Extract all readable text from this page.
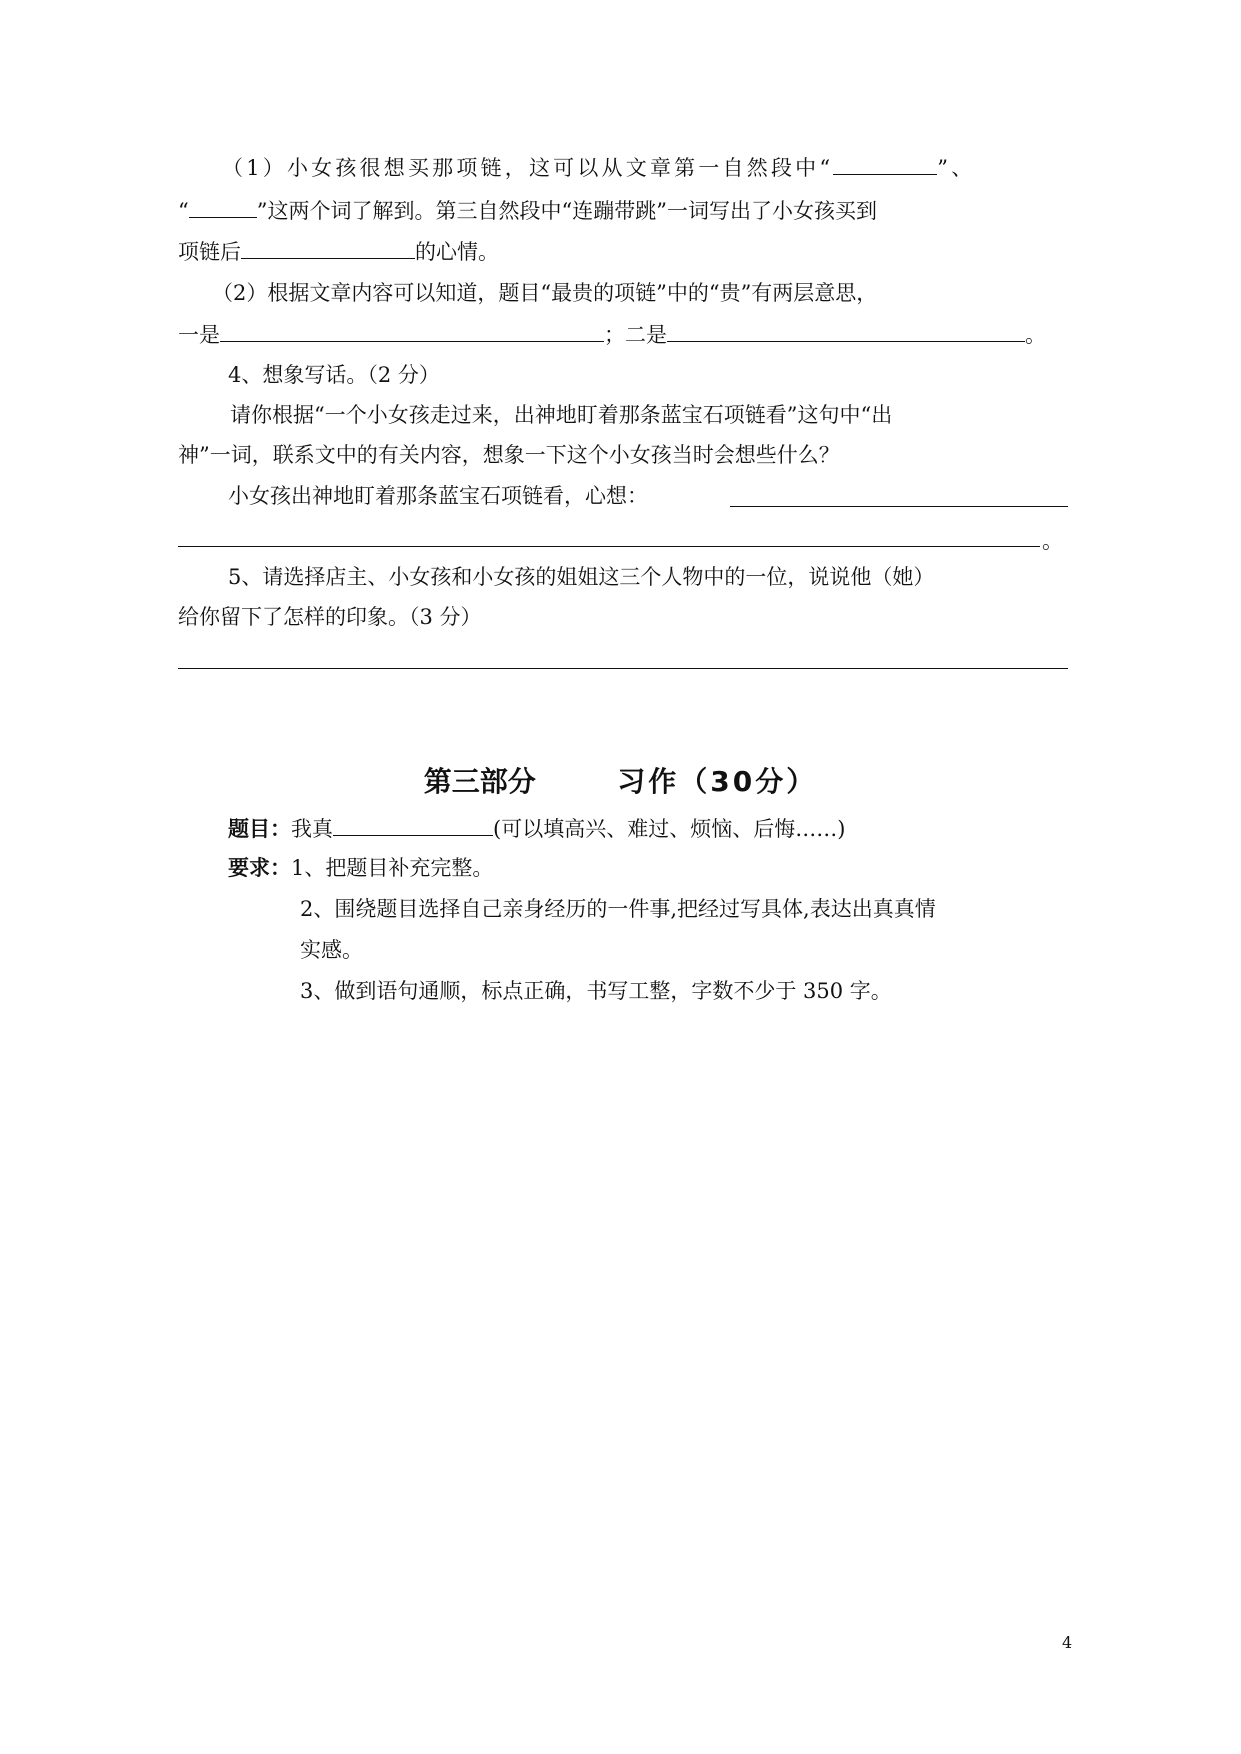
（1）小女孩很想买那项链，这可以从文章第一自然段中“	”、
“	”这两个词了解到。第三自然段中“连蹦带跳”一词写出了小女孩买到
项链后	的心情。
（2）根据文章内容可以知道，题目“最贵的项链”中的“贵”有两层意思，
一是	；二是	。
4、想象写话。（2 分）
请你根据“一个小女孩走过来，出神地盯着那条蓝宝石项链看”这句中“出
神”一词，联系文中的有关内容，想象一下这个小女孩当时会想些什么？
小女孩出神地盯着那条蓝宝石项链看，心想：
。
5、请选择店主、小女孩和小女孩的姐姐这三个人物中的一位，说说他（她）
给你留下了怎样的印象。（3 分）
第三部分	习作（30分）
题目：我真	(可以填高兴、难过、烦恼、后悔……)
要求：1、把题目补充完整。
2、围绕题目选择自己亲身经历的一件事,把经过写具体,表达出真真情
实感。
3、做到语句通顺，标点正确，书写工整，字数不少于 350 字。
4
